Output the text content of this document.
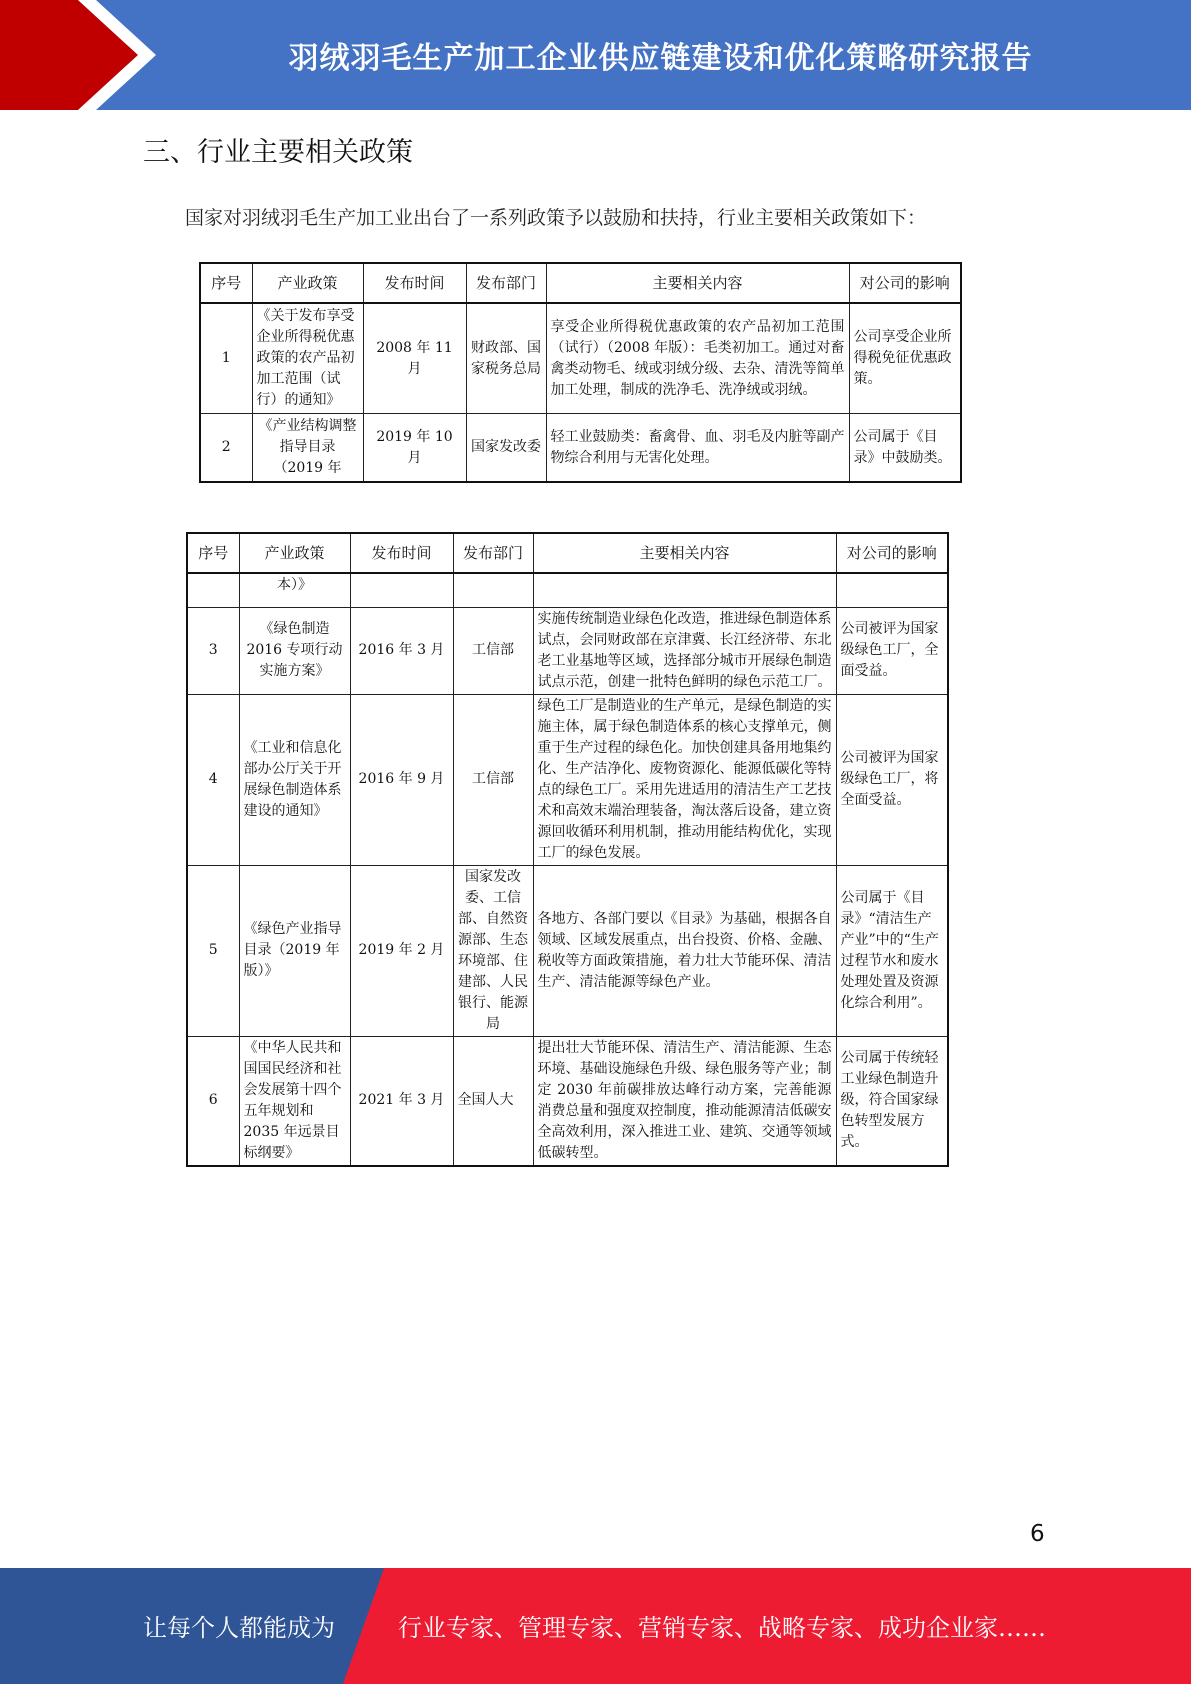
羽绒羽毛生产加工企业供应链建设和优化策略研究报告
三、行业主要相关政策
国家对羽绒羽毛生产加工业出台了一系列政策予以鼓励和扶持，行业主要相关政策如下：
序号	产业政策	发布时间	发布部门	主要相关内容	对公司的影响
1	《关于发布享受企业所得税优惠政策的农产品初加工范围（试行）的通知》	2008 年 11 月	财政部、国家税务总局	享受企业所得税优惠政策的农产品初加工范围（试行）（2008 年版）：毛类初加工。通过对畜禽类动物毛、绒或羽绒分级、去杂、清洗等简单加工处理，制成的洗净毛、洗净绒或羽绒。	公司享受企业所得税免征优惠政策。
2	《产业结构调整指导目录（2019 年	2019 年 10 月	国家发改委	轻工业鼓励类：畜禽骨、血、羽毛及内脏等副产物综合利用与无害化处理。	公司属于《目录》中鼓励类。
序号	产业政策	发布时间	发布部门	主要相关内容	对公司的影响
	本）》				
3	《绿色制造 2016 专项行动实施方案》	2016 年 3 月	工信部	实施传统制造业绿色化改造，推进绿色制造体系试点，会同财政部在京津冀、长江经济带、东北老工业基地等区域，选择部分城市开展绿色制造试点示范，创建一批特色鲜明的绿色示范工厂。	公司被评为国家级绿色工厂，全面受益。
4	《工业和信息化部办公厅关于开展绿色制造体系建设的通知》	2016 年 9 月	工信部	绿色工厂是制造业的生产单元，是绿色制造的实施主体，属于绿色制造体系的核心支撑单元，侧重于生产过程的绿色化。加快创建具备用地集约化、生产洁净化、废物资源化、能源低碳化等特点的绿色工厂。采用先进适用的清洁生产工艺技术和高效末端治理装备，淘汰落后设备，建立资源回收循环利用机制，推动用能结构优化，实现工厂的绿色发展。	公司被评为国家级绿色工厂，将全面受益。
5	《绿色产业指导目录（2019 年版）》	2019 年 2 月	国家发改委、工信部、自然资源部、生态环境部、住建部、人民银行、能源局	各地方、各部门要以《目录》为基础，根据各自领域、区域发展重点，出台投资、价格、金融、税收等方面政策措施，着力壮大节能环保、清洁生产、清洁能源等绿色产业。	公司属于《目录》“清洁生产产业”中的“生产过程节水和废水处理处置及资源化综合利用”。
6	《中华人民共和国国民经济和社会发展第十四个五年规划和 2035 年远景目标纲要》	2021 年 3 月	全国人大	提出壮大节能环保、清洁生产、清洁能源、生态环境、基础设施绿色升级、绿色服务等产业；制定 2030 年前碳排放达峰行动方案，完善能源消费总量和强度双控制度，推动能源清洁低碳安全高效利用，深入推进工业、建筑、交通等领域低碳转型。	公司属于传统轻工业绿色制造升级，符合国家绿色转型发展方式。
6
让每个人都能成为	行业专家、管理专家、营销专家、战略专家、成功企业家……
